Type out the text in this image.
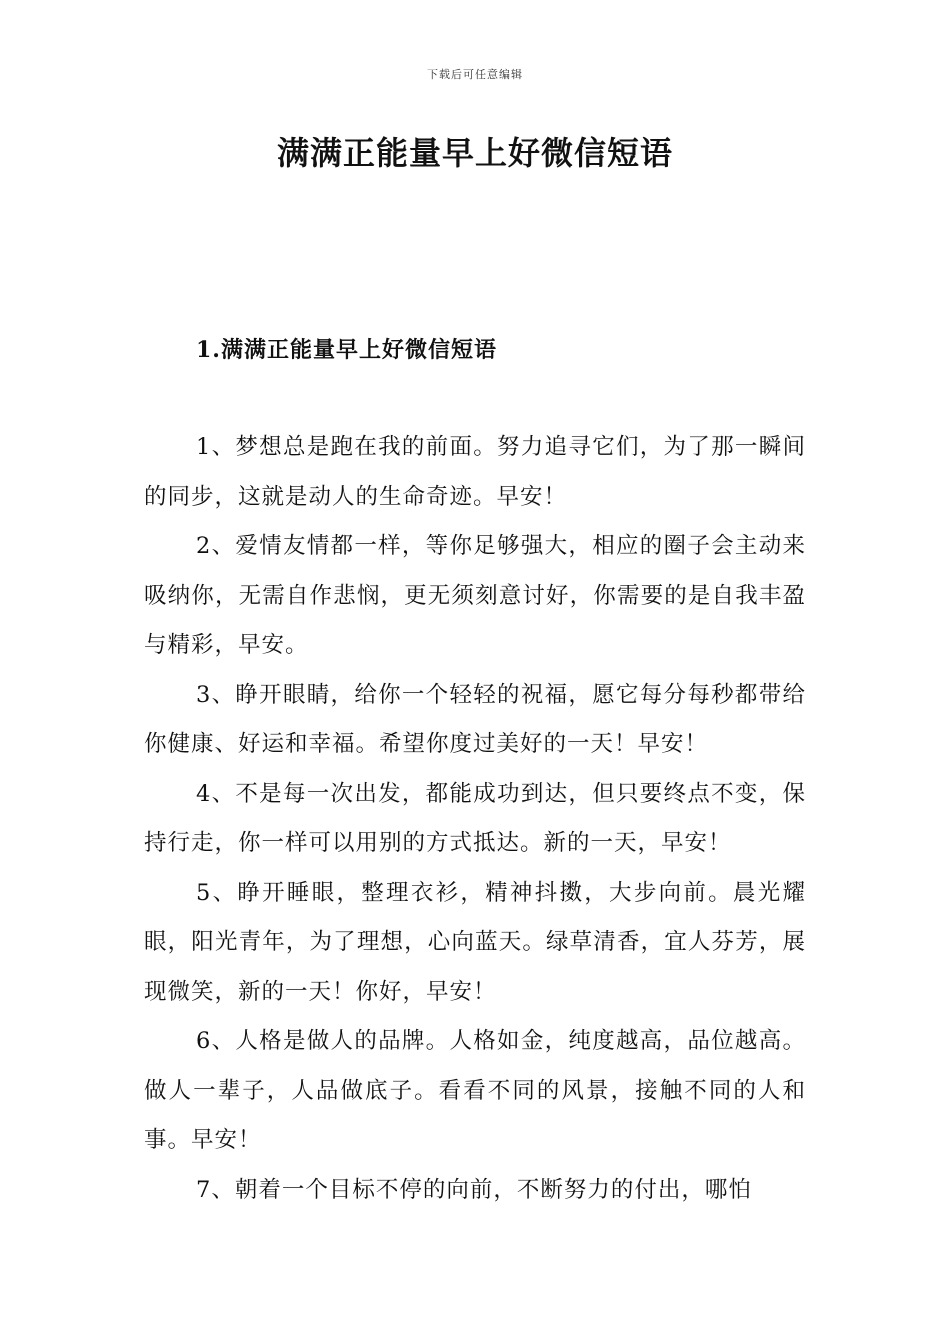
下载后可任意编辑
满满正能量早上好微信短语
1.满满正能量早上好微信短语

1、梦想总是跑在我的前面。努力追寻它们，为了那一瞬间的同步，这就是动人的生命奇迹。早安！

2、爱情友情都一样，等你足够强大，相应的圈子会主动来吸纳你，无需自作悲悯，更无须刻意讨好，你需要的是自我丰盈与精彩，早安。

3、睁开眼睛，给你一个轻轻的祝福，愿它每分每秒都带给你健康、好运和幸福。希望你度过美好的一天！早安！

4、不是每一次出发，都能成功到达，但只要终点不变，保持行走，你一样可以用别的方式抵达。新的一天，早安！

5、睁开睡眼，整理衣衫，精神抖擞，大步向前。晨光耀眼，阳光青年，为了理想，心向蓝天。绿草清香，宜人芬芳，展现微笑，新的一天！你好，早安！

6、人格是做人的品牌。人格如金，纯度越高，品位越高。做人一辈子，人品做底子。看看不同的风景，接触不同的人和事。早安！

7、朝着一个目标不停的向前，不断努力的付出，哪怕
